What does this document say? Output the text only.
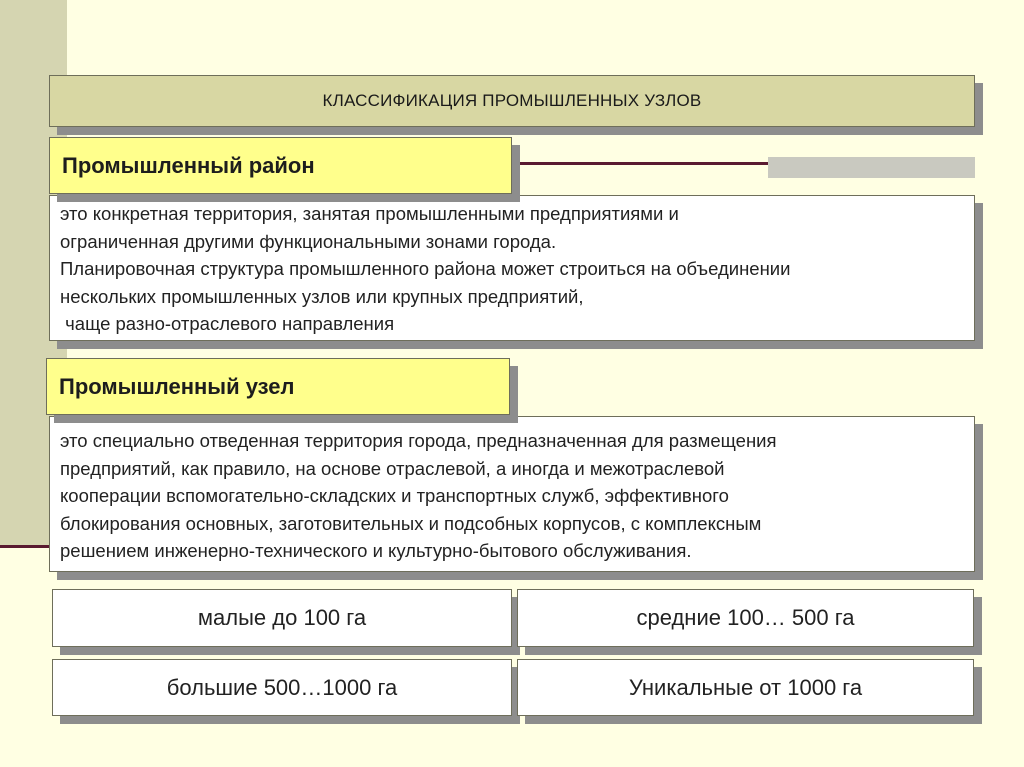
КЛАССИФИКАЦИЯ ПРОМЫШЛЕННЫХ УЗЛОВ
это конкретная территория, занятая промышленными предприятиями и
ограниченная другими функциональными зонами города.
Планировочная структура промышленного района может строиться на объединении
нескольких промышленных узлов или крупных предприятий,
чаще разно-отраслевого направления
Промышленный район
это специально отведенная территория города, предназначенная для размещения
предприятий, как правило, на основе отраслевой, а иногда и межотраслевой
кооперации вспомогательно-складских и транспортных служб, эффективного
блокирования основных, заготовительных и подсобных корпусов, с комплексным
решением инженерно-технического и культурно-бытового обслуживания.
Промышленный узел
малые до 100 га	средние 100… 500 га
большие 500…1000 га	Уникальные от 1000 га
